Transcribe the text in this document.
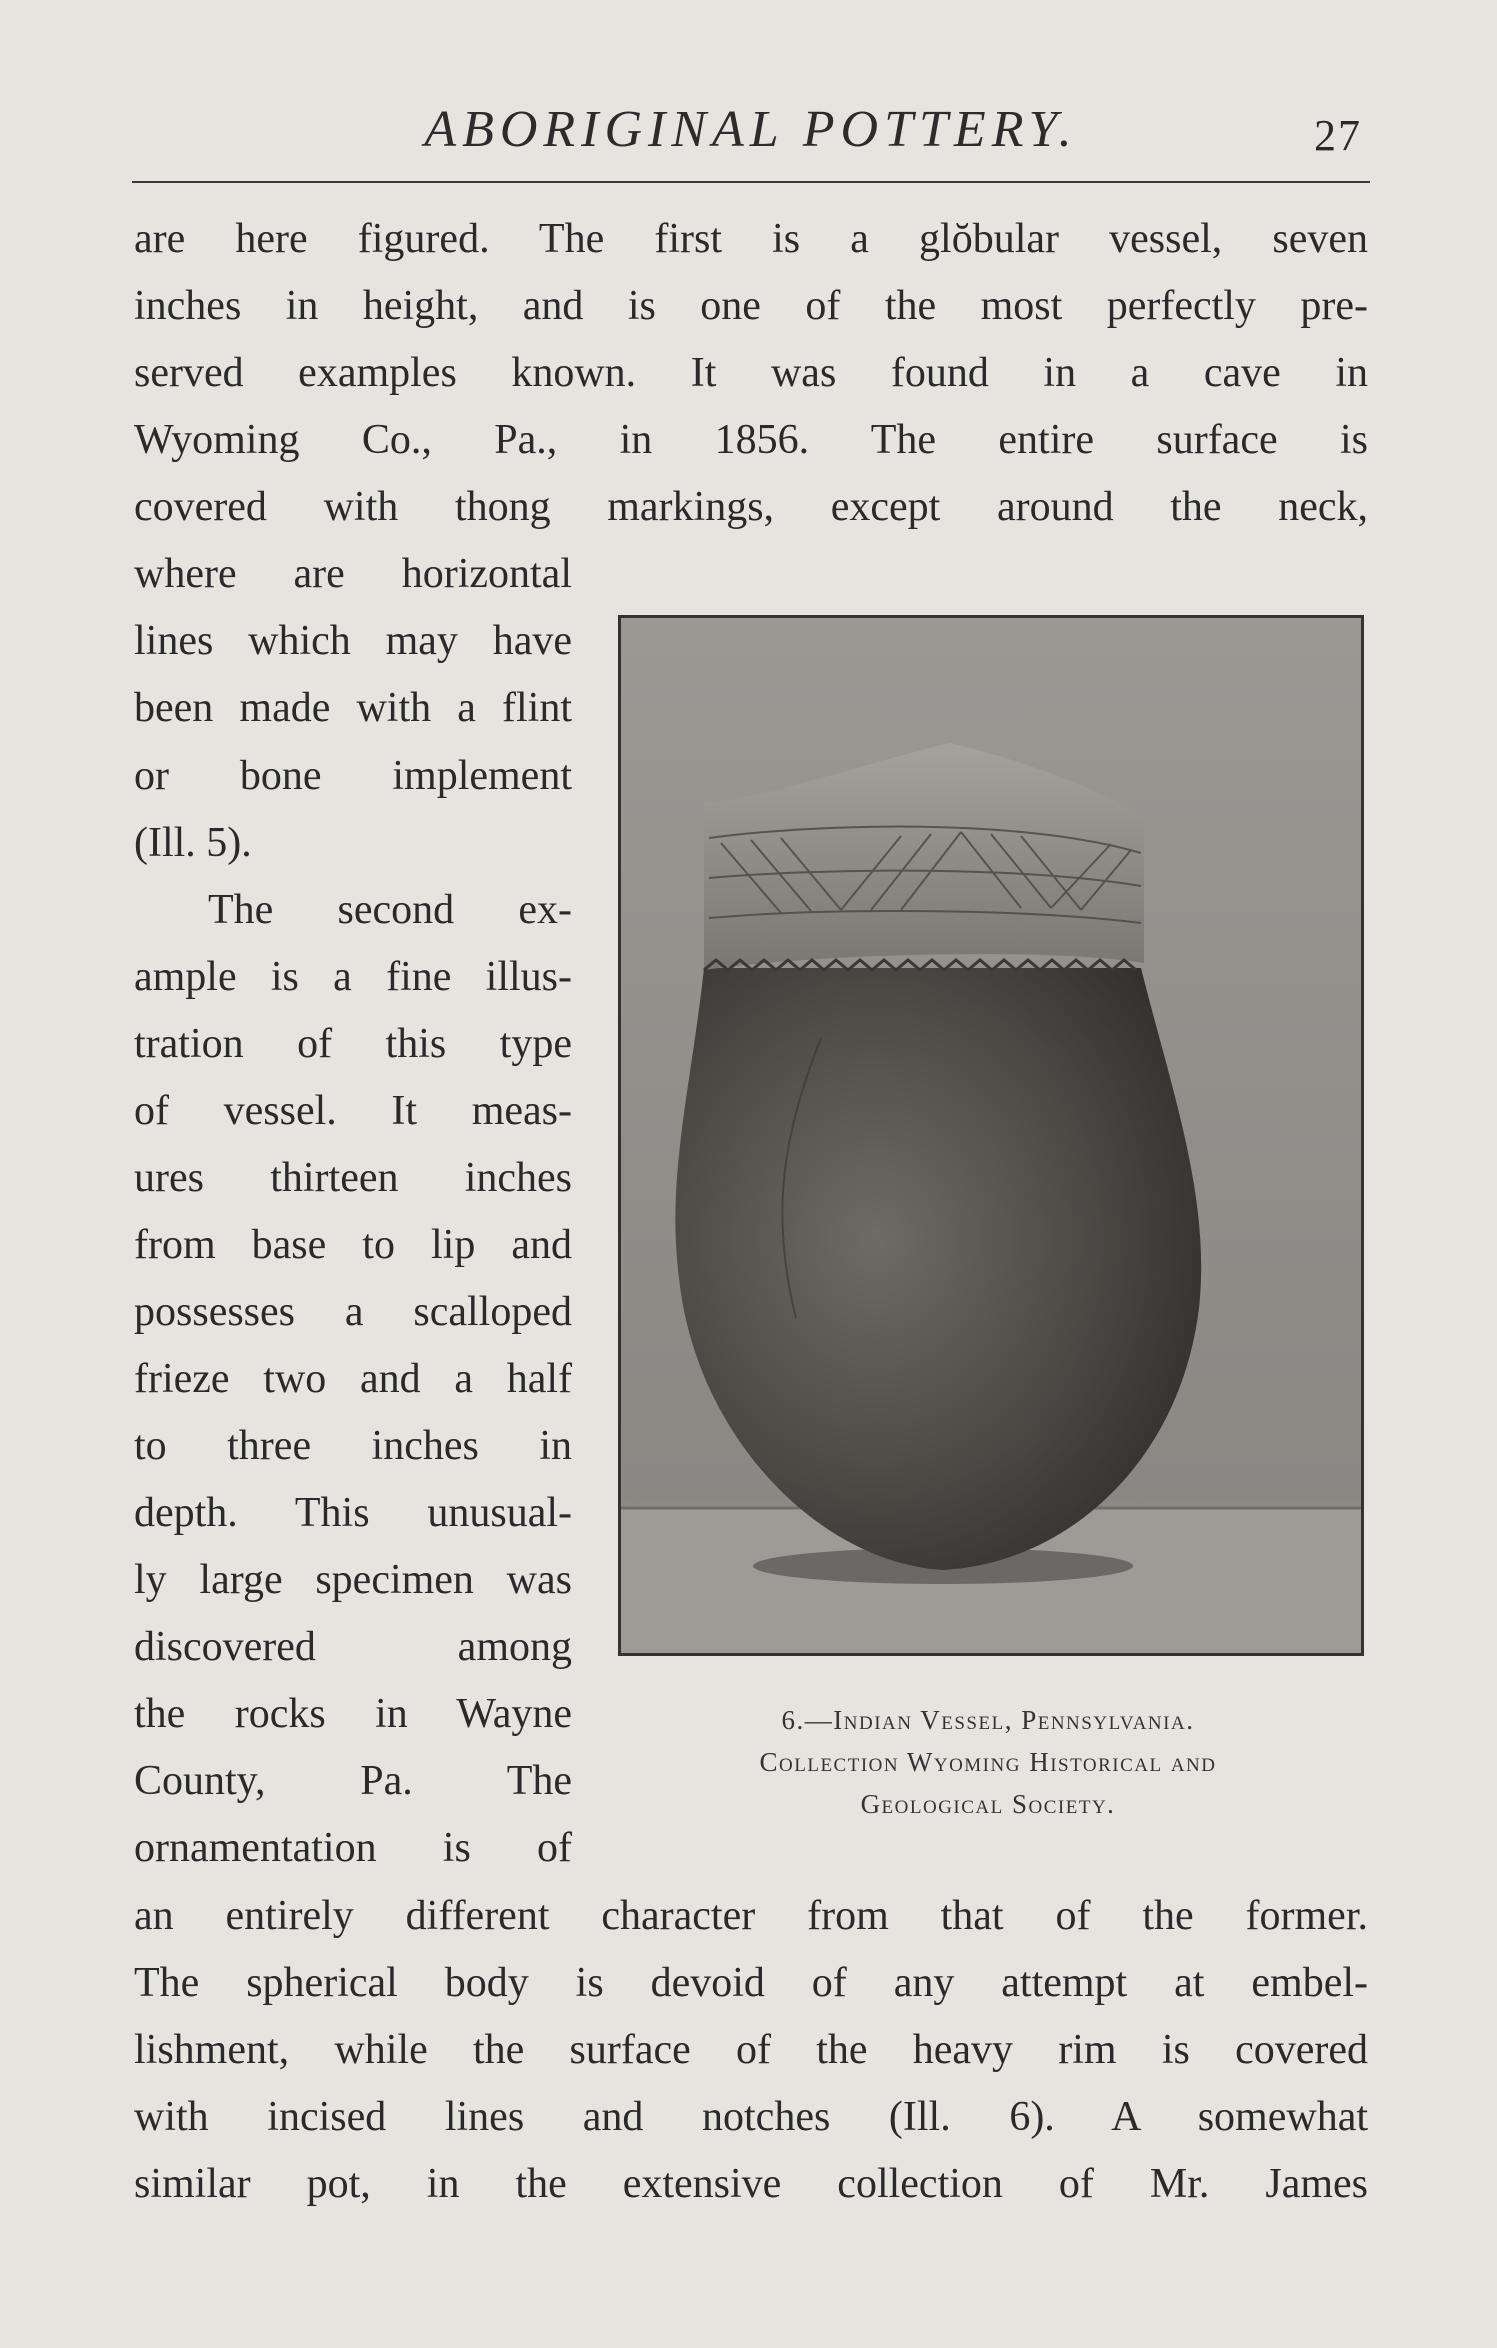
ABORIGINAL POTTERY.	27
are here figured. The first is a glŏbular vessel, seven
inches in height, and is one of the most perfectly pre-
served examples known. It was found in a cave in
Wyoming Co., Pa., in 1856. The entire surface is
covered with thong markings, except around the neck,
where are horizontal
lines which may have
been made with a flint
or bone implement
(Ill. 5).
The second ex-
ample is a fine illus-
tration of this type
of vessel. It meas-
ures thirteen inches
from base to lip and
possesses a scalloped
frieze two and a half
to three inches in
depth. This unusual-
ly large specimen was
discovered among
the rocks in Wayne
County, Pa. The
ornamentation is of
an entirely different character from that of the former.
The spherical body is devoid of any attempt at embel-
lishment, while the surface of the heavy rim is covered
with incised lines and notches (Ill. 6). A somewhat
similar pot, in the extensive collection of Mr. James
6.—Indian Vessel, Pennsylvania.
Collection Wyoming Historical and
Geological Society.
